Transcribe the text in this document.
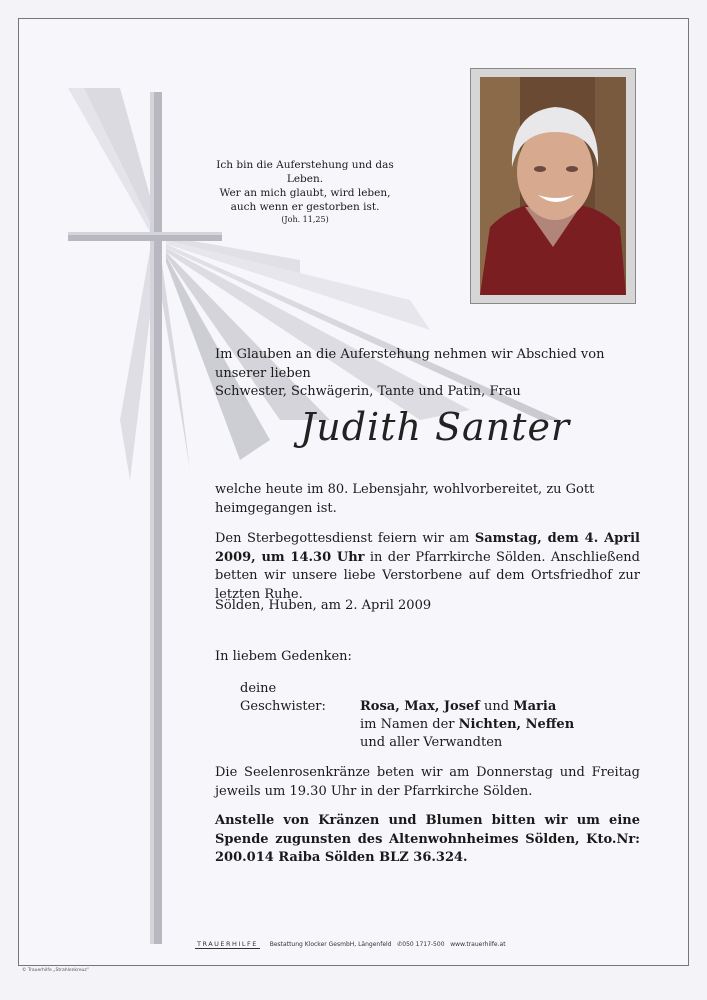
Ich bin die Auferstehung und das Leben.
Wer an mich glaubt, wird leben,
auch wenn er gestorben ist.
(Joh. 11,25)
Im Glauben an die Auferstehung nehmen wir Abschied von unserer lieben
Schwester, Schwägerin, Tante und Patin, Frau
Judith Santer
welche heute im 80. Lebensjahr, wohlvorbereitet, zu Gott heimgegangen ist.
Den Sterbegottesdienst feiern wir am Samstag, dem 4. April 2009, um 14.30 Uhr in der Pfarrkirche Sölden. Anschließend betten wir unsere liebe Verstorbene auf dem Ortsfriedhof zur letzten Ruhe.
Sölden, Huben, am 2. April 2009
In liebem Gedenken:
deine Geschwister:	Rosa, Max, Josef und Maria
im Namen der Nichten, Neffen
und aller Verwandten
Die Seelenrosenkränze beten wir am Donnerstag und Freitag jeweils um 19.30 Uhr in der Pfarrkirche Sölden.
Anstelle von Kränzen und Blumen bitten wir um eine Spende zugunsten des Altenwohnheimes Sölden, Kto.Nr: 200.014 Raiba Sölden BLZ 36.324.
TRAUERHILFE Bestattung Klocker GesmbH, Längenfeld ✆050 1717-500 www.trauerhilfe.at
© Trauerhilfe „Strahlenkreuz"
